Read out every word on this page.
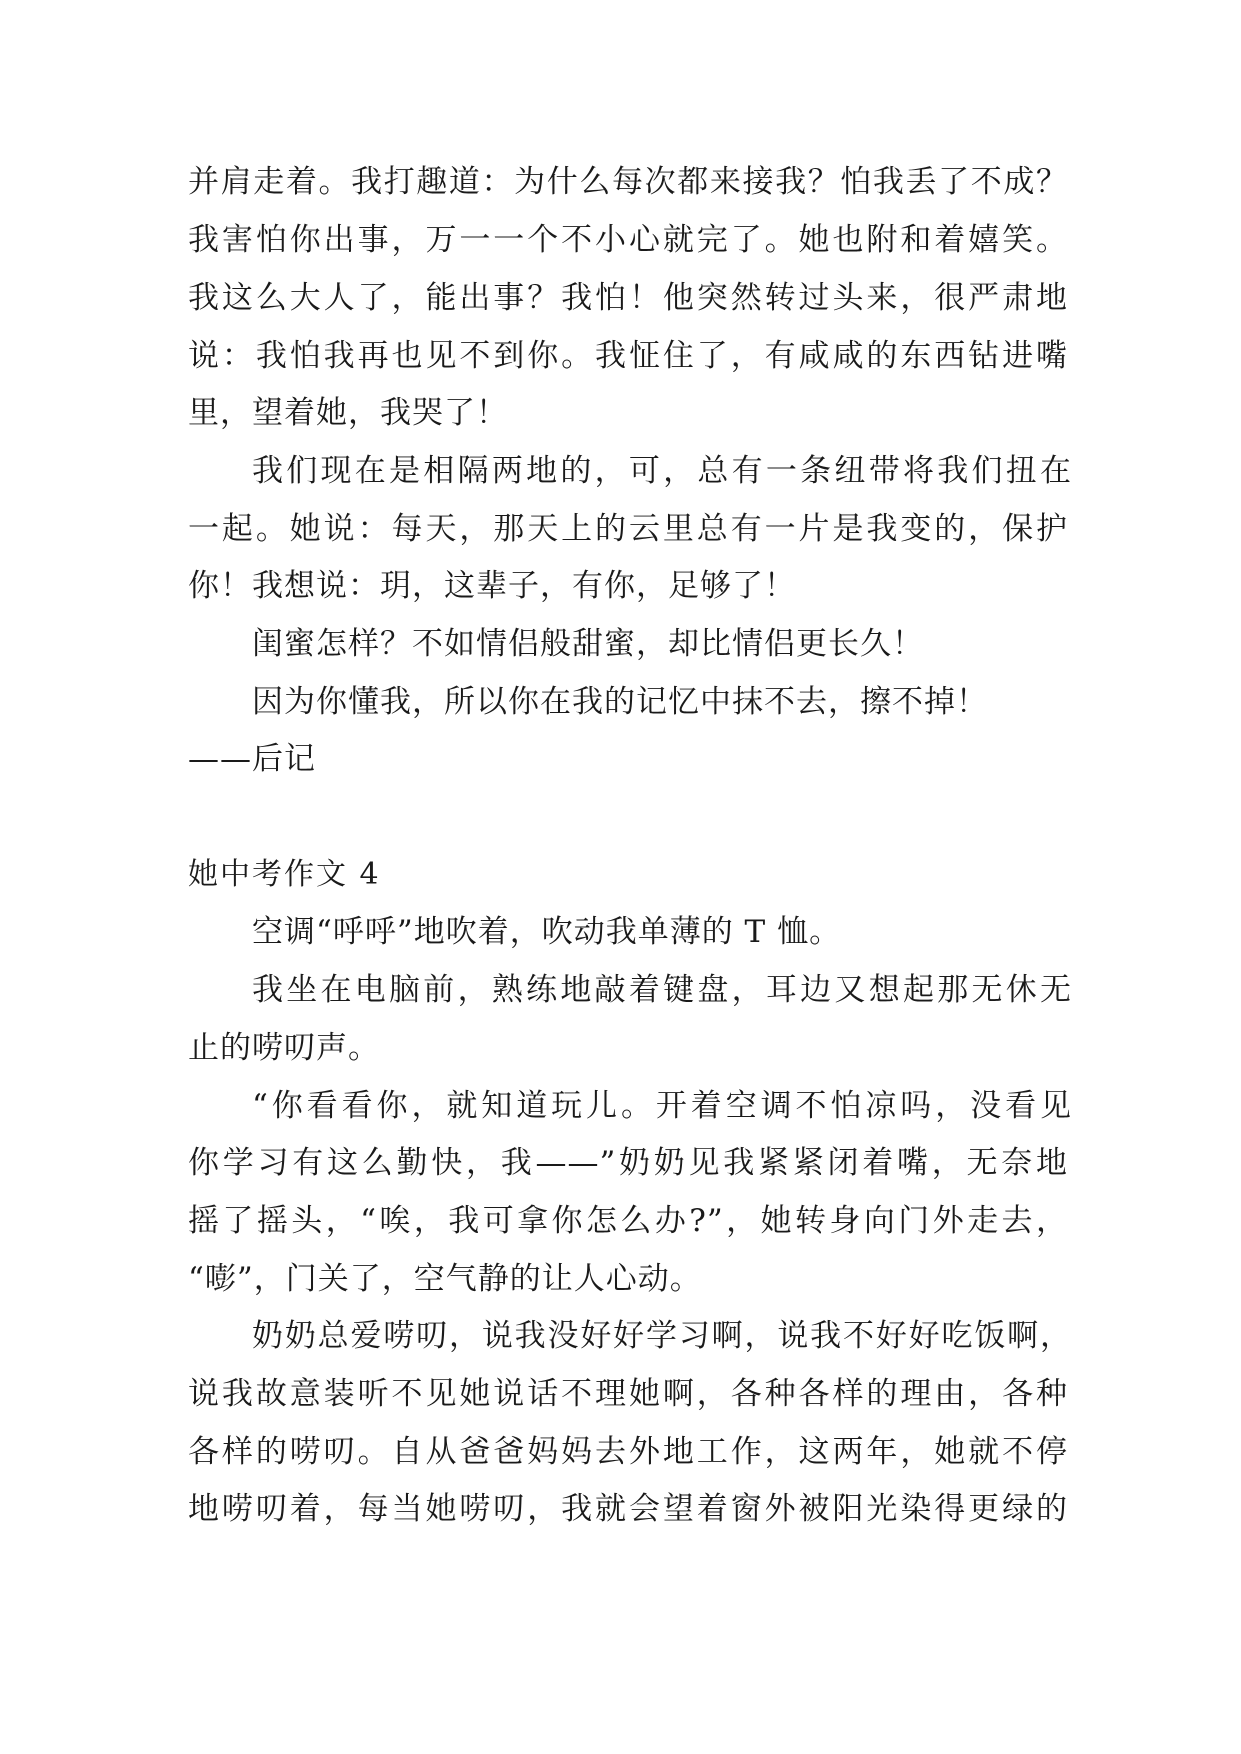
并肩走着。我打趣道：为什么每次都来接我？怕我丢了不成？
我害怕你出事，万一一个不小心就完了。她也附和着嬉笑。
我这么大人了，能出事？我怕！他突然转过头来，很严肃地
说：我怕我再也见不到你。我怔住了，有咸咸的东西钻进嘴
里，望着她，我哭了！
我们现在是相隔两地的，可，总有一条纽带将我们扭在
一起。她说：每天，那天上的云里总有一片是我变的，保护
你！我想说：玥，这辈子，有你，足够了！
闺蜜怎样？不如情侣般甜蜜，却比情侣更长久！
因为你懂我，所以你在我的记忆中抹不去，擦不掉！
——后记
她中考作文 4
空调“呼呼”地吹着，吹动我单薄的 T 恤。
我坐在电脑前，熟练地敲着键盘，耳边又想起那无休无
止的唠叨声。
“你看看你，就知道玩儿。开着空调不怕凉吗，没看见
你学习有这么勤快，我——”奶奶见我紧紧闭着嘴，无奈地
摇了摇头，“唉，我可拿你怎么办?”，她转身向门外走去，
“嘭”，门关了，空气静的让人心动。
奶奶总爱唠叨，说我没好好学习啊，说我不好好吃饭啊，
说我故意装听不见她说话不理她啊，各种各样的理由，各种
各样的唠叨。自从爸爸妈妈去外地工作，这两年，她就不停
地唠叨着，每当她唠叨，我就会望着窗外被阳光染得更绿的
